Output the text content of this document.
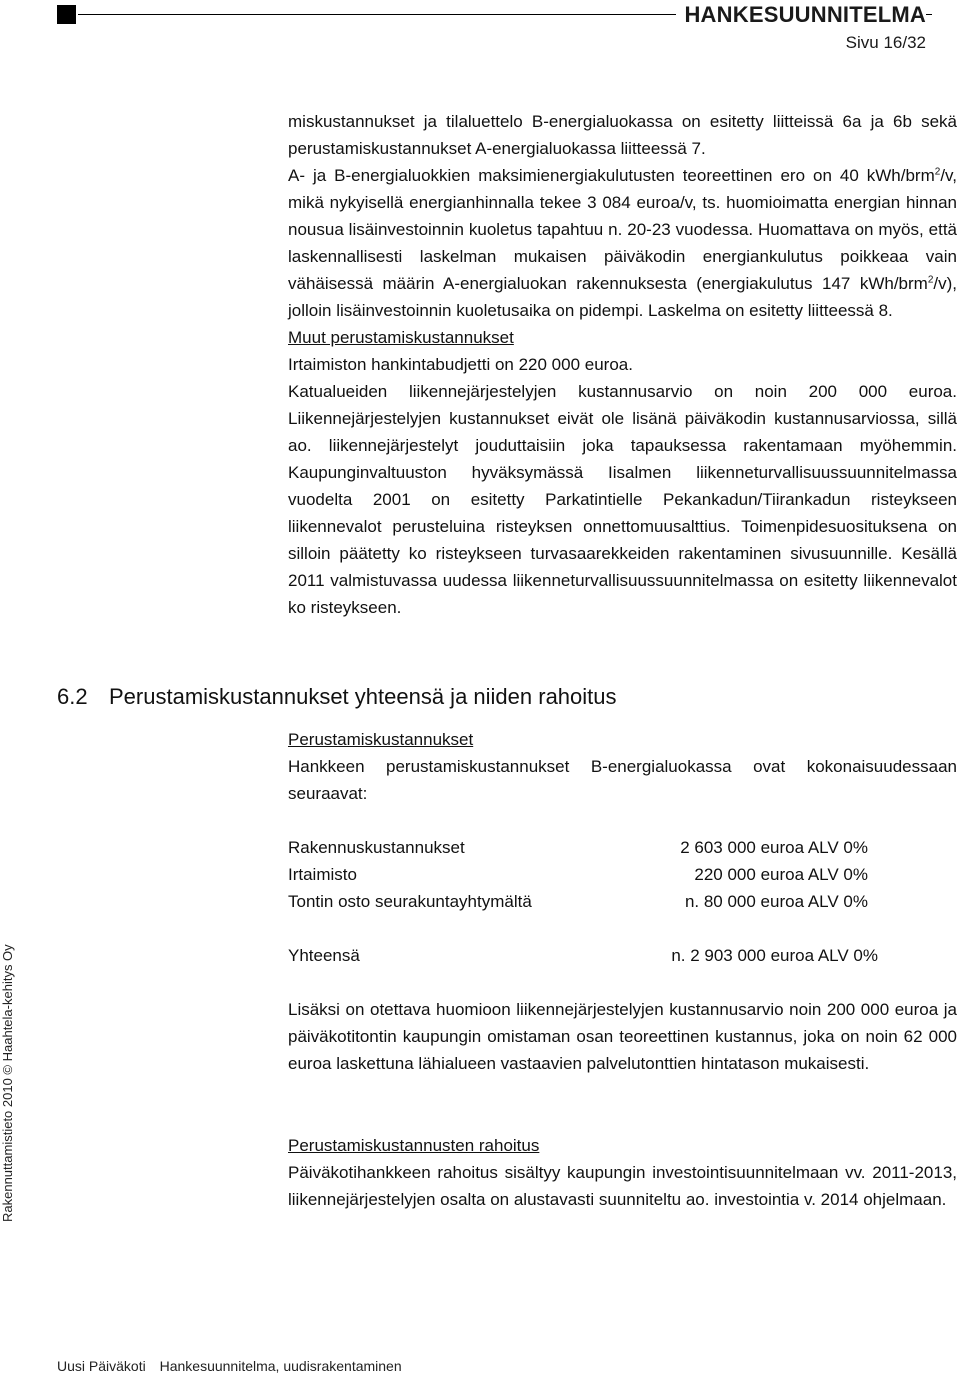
HANKESUUNNITELMA
Sivu 16/32
Rakennuttamistieto 2010 © Haahtela-kehitys Oy

miskustannukset ja tilaluettelo B-energialuokassa on esitetty liitteissä 6a ja 6b sekä perustamiskustannukset A-energialuokassa liitteessä 7.

A- ja B-energialuokkien maksimienergiakulutusten teoreettinen ero on 40 kWh/brm$^2$/v, mikä nykyisellä energianhinnalla tekee 3 084 euroa/v, ts. huomioimatta energian hinnan nousua lisäinvestoinnin kuoletus tapahtuu n. 20-23 vuodessa. Huomattava on myös, että laskennallisesti laskelman mukaisen päiväkodin energiankulutus poikkeaa vain vähäisessä määrin A-energialuokan rakennuksesta (energiakulutus 147 kWh/brm$^2$/v), jolloin lisäinvestoinnin kuoletusaika on pidempi. Laskelma on esitetty liitteessä 8.

Muut perustamiskustannukset

Irtaimiston hankintabudjetti on 220 000 euroa.

Katualueiden liikennejärjestelyjen kustannusarvio on noin 200 000 euroa. Liikennejärjestelyjen kustannukset eivät ole lisänä päiväkodin kustannusarviossa, sillä ao. liikennejärjestelyt jouduttaisiin joka tapauksessa rakentamaan myöhemmin. Kaupunginvaltuuston hyväksymässä Iisalmen liikenneturvallisuussuunnitelmassa vuodelta 2001 on esitetty Parkatintielle Pekankadun/Tiirankadun risteykseen liikennevalot perusteluina risteyksen onnettomuusalttius. Toimenpidesuosituksena on silloin päätetty ko risteykseen turvasaarekkeiden rakentaminen sivusuunnille. Kesällä 2011 valmistuvassa uudessa liikenneturvallisuussuunnitelmassa on esitetty liikennevalot ko risteykseen.

6.2 Perustamiskustannukset yhteensä ja niiden rahoitus

Perustamiskustannukset

Hankkeen perustamiskustannukset B-energialuokassa ovat kokonaisuudessaan seuraavat:

Rakennuskustannukset	2 603 000 euroa ALV 0%
Irtaimisto	220 000 euroa ALV 0%
Tontin osto seurakuntayhtymältä	n. 80 000 euroa ALV 0%
Yhteensä	n. 2 903 000 euroa ALV 0%

Lisäksi on otettava huomioon liikennejärjestelyjen kustannusarvio noin 200 000 euroa ja päiväkotitontin kaupungin omistaman osan teoreettinen kustannus, joka on noin 62 000 euroa laskettuna lähialueen vastaavien palvelutonttien hintatason mukaisesti.

Perustamiskustannusten rahoitus

Päiväkotihankkeen rahoitus sisältyy kaupungin investointisuunnitelmaan vv. 2011-2013, liikennejärjestelyjen osalta on alustavasti suunniteltu ao. investointia v. 2014 ohjelmaan.

Uusi Päiväkoti Hankesuunnitelma, uudisrakentaminen
